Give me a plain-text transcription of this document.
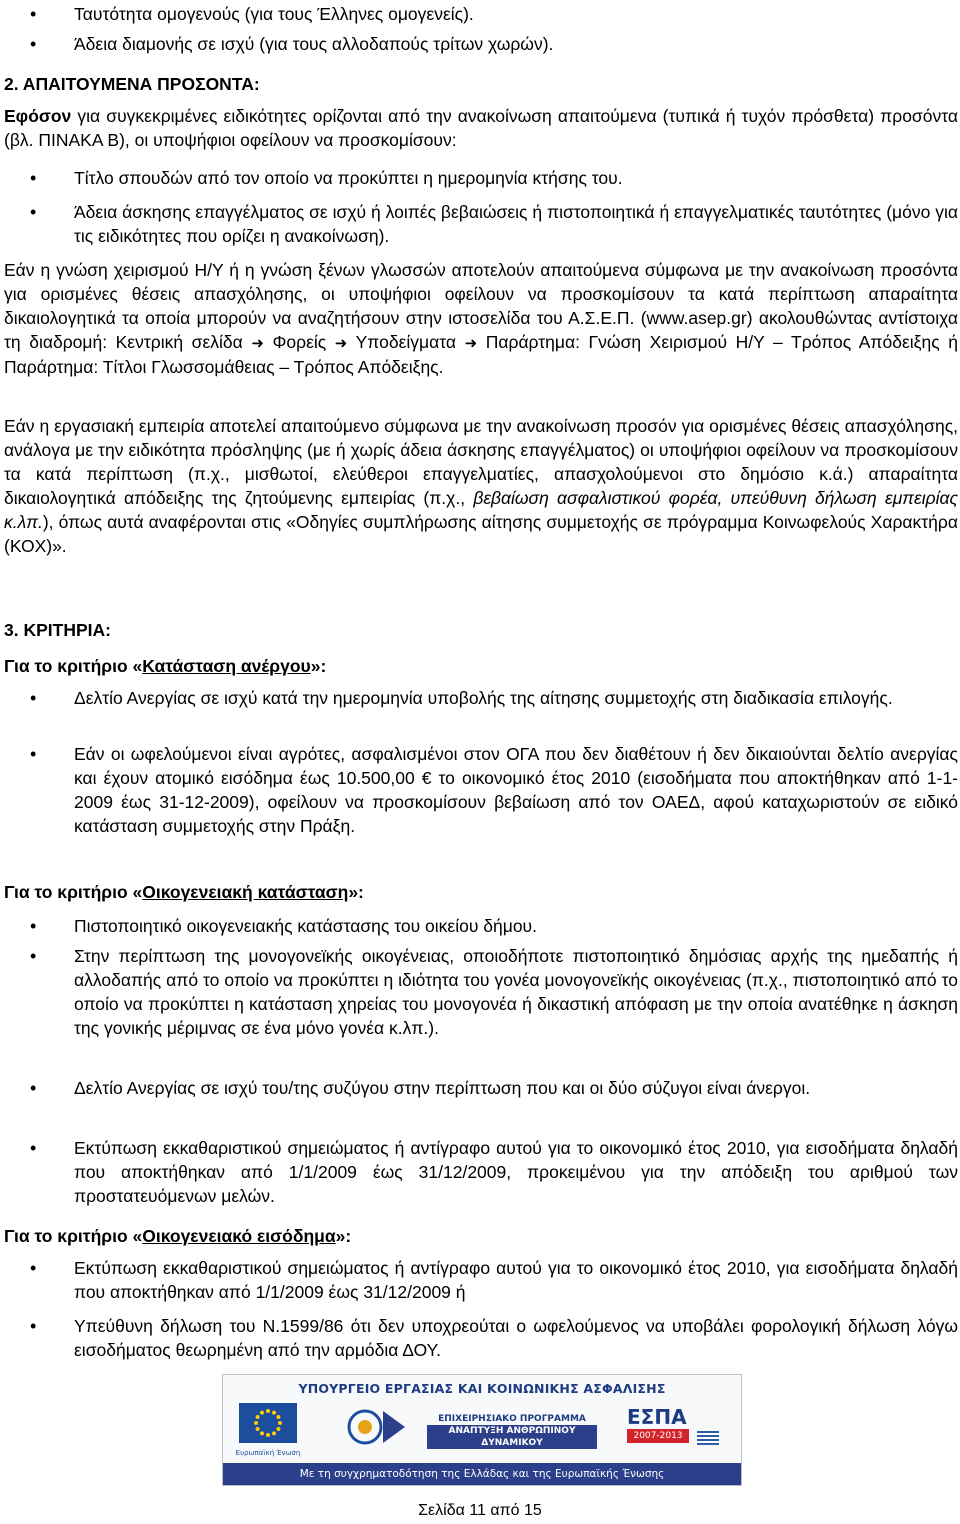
• Ταυτότητα ομογενούς (για τους Έλληνες ομογενείς).
• Άδεια διαμονής σε ισχύ (για τους αλλοδαπούς τρίτων χωρών).
2. ΑΠΑΙΤΟΥΜΕΝΑ ΠΡΟΣΟΝΤΑ:
Εφόσον για συγκεκριμένες ειδικότητες ορίζονται από την ανακοίνωση απαιτούμενα (τυπικά ή τυχόν πρόσθετα) προσόντα (βλ. ΠΙΝΑΚΑ Β), οι υποψήφιοι οφείλουν να προσκομίσουν:
• Τίτλο σπουδών από τον οποίο να προκύπτει η ημερομηνία κτήσης του.
• Άδεια άσκησης επαγγέλματος σε ισχύ ή λοιπές βεβαιώσεις ή πιστοποιητικά ή επαγγελματικές ταυτότητες (μόνο για τις ειδικότητες που ορίζει η ανακοίνωση).
Εάν η γνώση χειρισμού Η/Υ ή η γνώση ξένων γλωσσών αποτελούν απαιτούμενα σύμφωνα με την ανακοίνωση προσόντα για ορισμένες θέσεις απασχόλησης, οι υποψήφιοι οφείλουν να προσκομίσουν τα κατά περίπτωση απαραίτητα δικαιολογητικά τα οποία μπορούν να αναζητήσουν στην ιστοσελίδα του Α.Σ.Ε.Π. (www.asep.gr) ακολουθώντας αντίστοιχα τη διαδρομή: Κεντρική σελίδα ➜ Φορείς ➜ Υποδείγματα ➜ Παράρτημα: Γνώση Χειρισμού Η/Υ – Τρόπος Απόδειξης ή Παράρτημα: Τίτλοι Γλωσσομάθειας – Τρόπος Απόδειξης.
Εάν η εργασιακή εμπειρία αποτελεί απαιτούμενο σύμφωνα με την ανακοίνωση προσόν για ορισμένες θέσεις απασχόλησης, ανάλογα με την ειδικότητα πρόσληψης (με ή χωρίς άδεια άσκησης επαγγέλματος) οι υποψήφιοι οφείλουν να προσκομίσουν τα κατά περίπτωση (π.χ., μισθωτοί, ελεύθεροι επαγγελματίες, απασχολούμενοι στο δημόσιο κ.ά.) απαραίτητα δικαιολογητικά απόδειξης της ζητούμενης εμπειρίας (π.χ., βεβαίωση ασφαλιστικού φορέα, υπεύθυνη δήλωση εμπειρίας κ.λπ.), όπως αυτά αναφέρονται στις «Οδηγίες συμπλήρωσης αίτησης συμμετοχής σε πρόγραμμα Κοινωφελούς Χαρακτήρα (ΚΟΧ)».
3. ΚΡΙΤΗΡΙΑ:
Για το κριτήριο «Κατάσταση ανέργου»:
• Δελτίο Ανεργίας σε ισχύ κατά την ημερομηνία υποβολής της αίτησης συμμετοχής στη διαδικασία επιλογής.
• Εάν οι ωφελούμενοι είναι αγρότες, ασφαλισμένοι στον ΟΓΑ που δεν διαθέτουν ή δεν δικαιούνται δελτίο ανεργίας και έχουν ατομικό εισόδημα έως 10.500,00 € το οικονομικό έτος 2010 (εισοδήματα που αποκτήθηκαν από 1-1-2009 έως 31-12-2009), οφείλουν να προσκομίσουν βεβαίωση από τον ΟΑΕΔ, αφού καταχωριστούν σε ειδικό κατάσταση συμμετοχής στην Πράξη.
Για το κριτήριο «Οικογενειακή κατάσταση»:
• Πιστοποιητικό οικογενειακής κατάστασης του οικείου δήμου.
• Στην περίπτωση της μονογονεϊκής οικογένειας, οποιοδήποτε πιστοποιητικό δημόσιας αρχής της ημεδαπής ή αλλοδαπής από το οποίο να προκύπτει η ιδιότητα του γονέα μονογονεϊκής οικογένειας (π.χ., πιστοποιητικό από το οποίο να προκύπτει η κατάσταση χηρείας του μονογονέα ή δικαστική απόφαση με την οποία ανατέθηκε η άσκηση της γονικής μέριμνας σε ένα μόνο γονέα κ.λπ.).
• Δελτίο Ανεργίας σε ισχύ του/της συζύγου στην περίπτωση που και οι δύο σύζυγοι είναι άνεργοι.
• Εκτύπωση εκκαθαριστικού σημειώματος ή αντίγραφο αυτού για το οικονομικό έτος 2010, για εισοδήματα δηλαδή που αποκτήθηκαν από 1/1/2009 έως 31/12/2009, προκειμένου για την απόδειξη του αριθμού των προστατευόμενων μελών.
Για το κριτήριο «Οικογενειακό εισόδημα»:
• Εκτύπωση εκκαθαριστικού σημειώματος ή αντίγραφο αυτού για το οικονομικό έτος 2010, για εισοδήματα δηλαδή που αποκτήθηκαν από 1/1/2009 έως 31/12/2009 ή
• Υπεύθυνη δήλωση του Ν.1599/86 ότι δεν υποχρεούται ο ωφελούμενος να υποβάλει φορολογική δήλωση λόγω εισοδήματος θεωρημένη από την αρμόδια ΔΟΥ.
ΥΠΟΥΡΓΕΙΟ ΕΡΓΑΣΙΑΣ ΚΑΙ ΚΟΙΝΩΝΙΚΗΣ ΑΣΦΑΛΙΣΗΣ
Ευρωπαϊκή Ένωση
ΕΠΙΧΕΙΡΗΣΙΑΚΟ ΠΡΟΓΡΑΜΜΑ
ΑΝΑΠΤΥΞΗ ΑΝΘΡΩΠΙΝΟΥ ΔΥΝΑΜΙΚΟΥ
ΕΣΠΑ
2007-2013
Με τη συγχρηματοδότηση της Ελλάδας και της Ευρωπαϊκής Ένωσης
Σελίδα 11 από 15
